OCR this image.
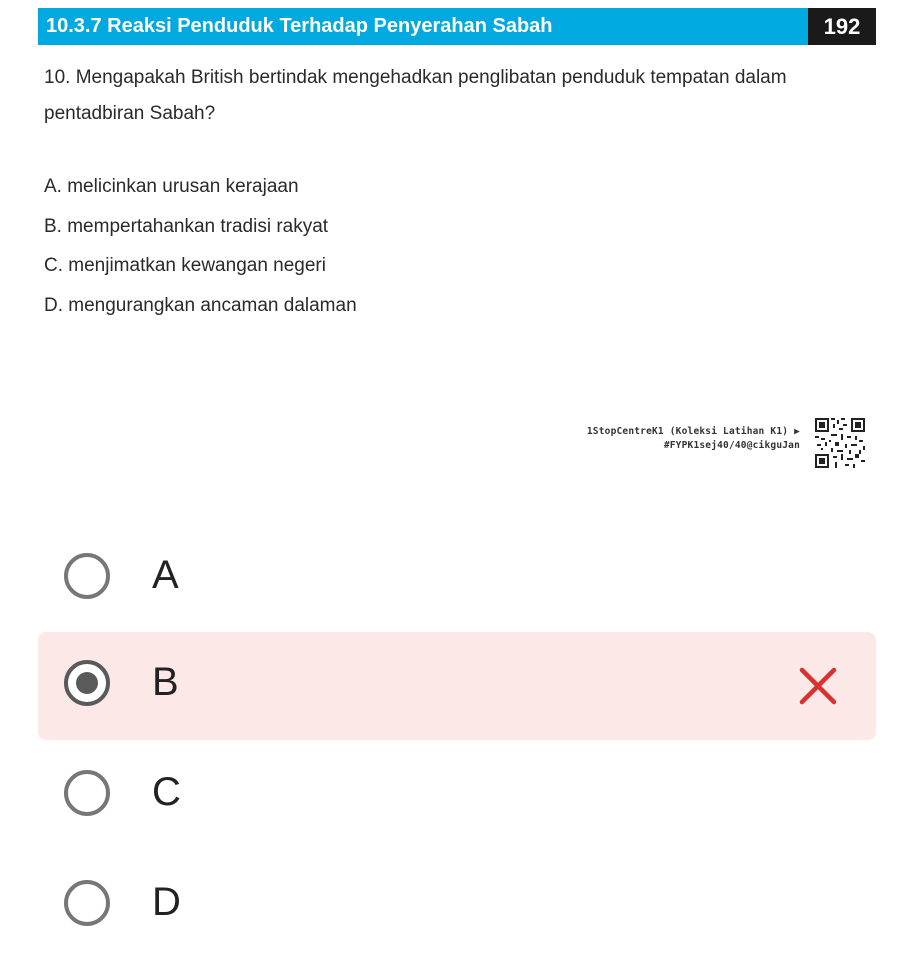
10.3.7 Reaksi Penduduk Terhadap Penyerahan Sabah	192

10. Mengapakah British bertindak mengehadkan penglibatan penduduk tempatan dalam pentadbiran Sabah?

A. melicinkan urusan kerajaan
B. mempertahankan tradisi rakyat
C. menjimatkan kewangan negeri
D. mengurangkan ancaman dalaman
1StopCentreK1 (Koleksi Latihan K1) ▶
#FYPK1sej40/40@cikguJan
A
B
C
D
